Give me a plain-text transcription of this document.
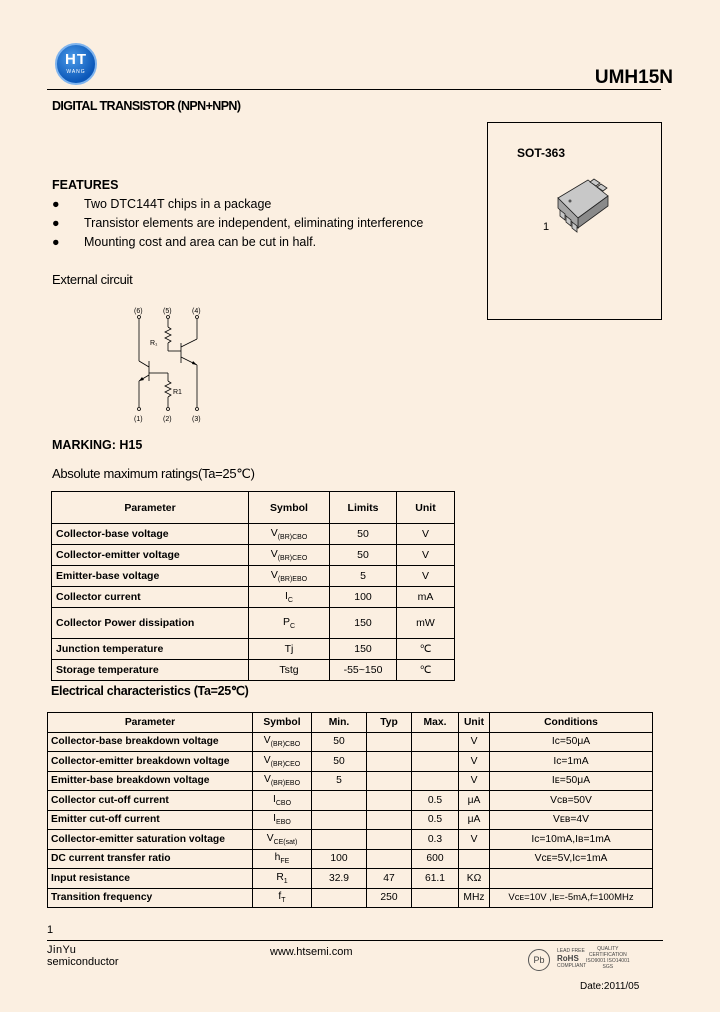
HT
WANG	UMH15N
DIGITAL TRANSISTOR (NPN+NPN)
SOT-363
1
FEATURES
● Two DTC144T chips in a package
● Transistor elements are independent, eliminating interference
● Mounting cost and area can be cut in half.
External circuit
(6)	(5)	(4)
(1)	(2)	(3)
R₁
R1
MARKING: H15
Absolute maximum ratings(Ta=25℃)
Parameter	Symbol	Limits	Unit
Collector-base voltage	$V_{(BR)CBO}$	50	V
Collector-emitter voltage	$V_{(BR)CEO}$	50	V
Emitter-base voltage	$V_{(BR)EBO}$	5	V
Collector current	$I_C$	100	mA
Collector Power dissipation	$P_C$	150	mW
Junction temperature	Tj	150	℃
Storage temperature	Tstg	-55~150	℃
Electrical characteristics (Ta=25℃)
Parameter	Symbol	Min.	Typ	Max.	Unit	Conditions
Collector-base breakdown voltage	$V_{(BR)CBO}$	50			V	Iᴄ=50μA
Collector-emitter breakdown voltage	$V_{(BR)CEO}$	50			V	Iᴄ=1mA
Emitter-base breakdown voltage	$V_{(BR)EBO}$	5			V	Iᴇ=50μA
Collector cut-off current	$I_{CBO}$			0.5	μA	Vᴄʙ=50V
Emitter cut-off current	$I_{EBO}$			0.5	μA	Vᴇʙ=4V
Collector-emitter saturation voltage	$V_{CE(sat)}$			0.3	V	Iᴄ=10mA,Iʙ=1mA
DC current transfer ratio	$h_{FE}$	100		600		Vᴄᴇ=5V,Iᴄ=1mA
Input resistance	$R_1$	32.9	47	61.1	KΩ	
Transition frequency	$f_T$		250		MHz	Vᴄᴇ=10V ,Iᴇ=-5mA,f=100MHz
1
JinYu
semiconductor
www.htsemi.com
Pb
LEAD FREE
RoHS
COMPLIANT
QUALITY
CERTIFICATION
ISO9001 ISO14001
SGS
Date:2011/05
